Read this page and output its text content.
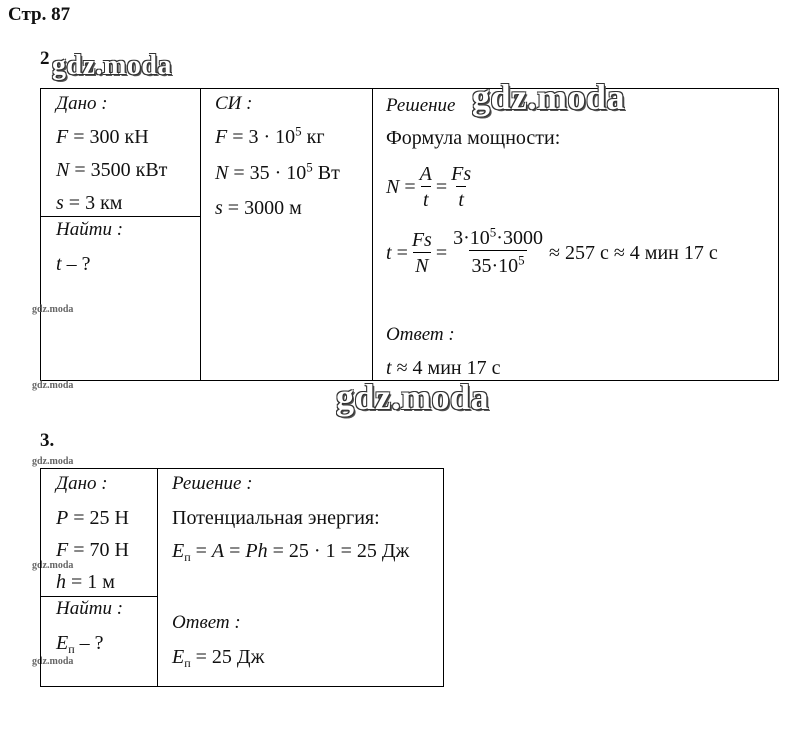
Стр. 87
2 gdz.moda
Дано :
F = 300 кН
N = 3500 кВт
s = 3 км
Найти :
t – ?
СИ :
$F = 3 \cdot 10^5$ кг
$N = 35 \cdot 10^5$ Вт
s = 3000 м
Решение gdz.moda
Формула мощности:
N
= $\frac{A}{t} = \frac{Fs}{t}$
t
= $\frac{Fs}{N} = \frac{3\cdot 10^5\cdot 3000}{35\cdot 10^5} \approx 257$ с ≈ 4 мин 17 с
Ответ :
t ≈ 4 мин 17 с
gdz.moda
gdz.moda
gdz.moda
gdz.moda
gdz.moda
gdz.moda
3.
Дано :
P = 25 Н
F = 70 Н
h = 1 м
Найти :
$E_п$ – ?
Решение :
Потенциальная энергия:
$E_п = A = Ph = 25 \cdot 1 = 25$ Дж
Ответ :
$E_п = 25$ Дж
